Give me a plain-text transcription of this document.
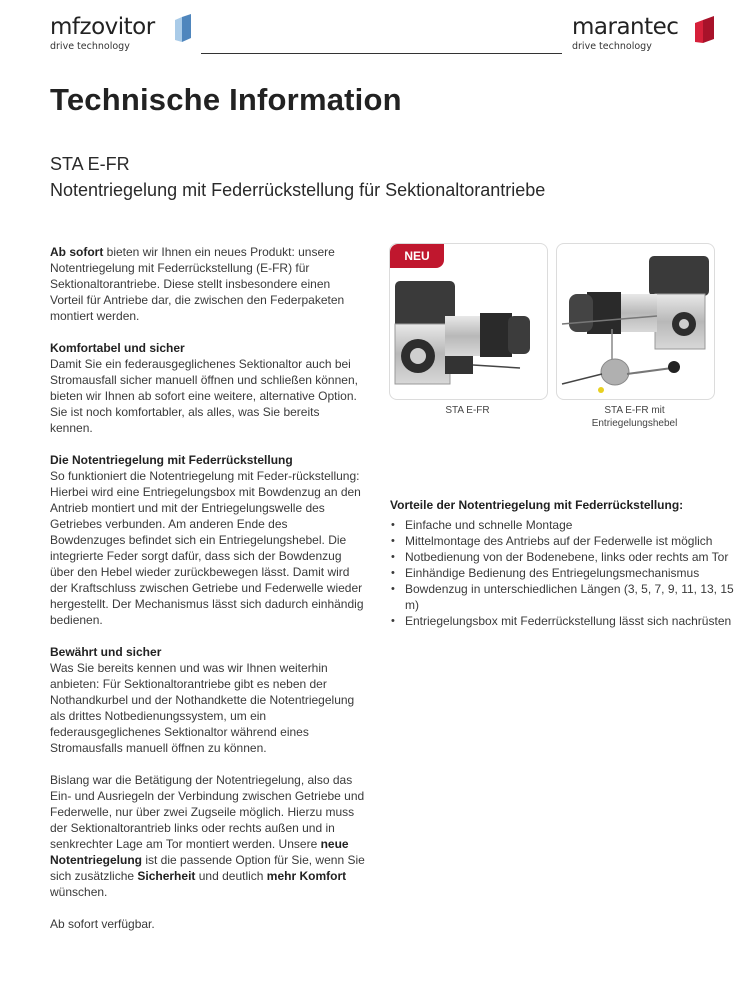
mfzovitor
drive technology
marantec
drive technology
Technische Information
STA E-FR
Notentriegelung mit Federrückstellung für Sektionaltorantriebe

Ab sofort bieten wir Ihnen ein neues Produkt: unsere Notentriegelung mit Federrückstellung (E-FR) für Sektionaltorantriebe. Diese stellt insbesondere einen Vorteil für Antriebe dar, die zwischen den Federpaketen montiert werden.

Komfortabel und sicher
Damit Sie ein federausgeglichenes Sektionaltor auch bei Stromausfall sicher manuell öffnen und schließen können, bieten wir Ihnen ab sofort eine weitere, alternative Option. Sie ist noch komfortabler, als alles, was Sie bereits kennen.

Die Notentriegelung mit Federrückstellung
So funktioniert die Notentriegelung mit Feder-rückstellung: Hierbei wird eine Entriegelungsbox mit Bowdenzug an den Antrieb montiert und mit der Entriegelungswelle des Getriebes verbunden. Am anderen Ende des Bowdenzuges befindet sich ein Entriegelungshebel. Die integrierte Feder sorgt dafür, dass sich der Bowdenzug über den Hebel wieder zurückbewegen lässt. Damit wird der Kraftschluss zwischen Getriebe und Federwelle wieder hergestellt. Der Mechanismus lässt sich dadurch einhändig bedienen.

Bewährt und sicher
Was Sie bereits kennen und was wir Ihnen weiterhin anbieten: Für Sektionaltorantriebe gibt es neben der Nothandkurbel und der Nothandkette die Notentriegelung als drittes Notbedienungssystem, um ein federausgeglichenes Sektionaltor während eines Stromausfalls manuell öffnen zu können.

Bislang war die Betätigung der Notentriegelung, also das Ein- und Ausriegeln der Verbindung zwischen Getriebe und Federwelle, nur über zwei Zugseile möglich. Hierzu muss der Sektionaltorantrieb links oder rechts außen und in senkrechter Lage am Tor montiert werden. Unsere neue Notentriegelung ist die passende Option für Sie, wenn Sie sich zusätzliche Sicherheit und deutlich mehr Komfort wünschen.

Ab sofort verfügbar.

NEU
STA E-FR	STA E-FR mit
Entriegelungshebel
Vorteile der Notentriegelung mit Federrückstellung:
• Einfache und schnelle Montage
• Mittelmontage des Antriebs auf der Federwelle ist möglich
• Notbedienung von der Bodenebene, links oder rechts am Tor
• Einhändige Bedienung des Entriegelungsmechanismus
• Bowdenzug in unterschiedlichen Längen (3, 5, 7, 9, 11, 13, 15 m)
• Entriegelungsbox mit Federrückstellung lässt sich nachrüsten
